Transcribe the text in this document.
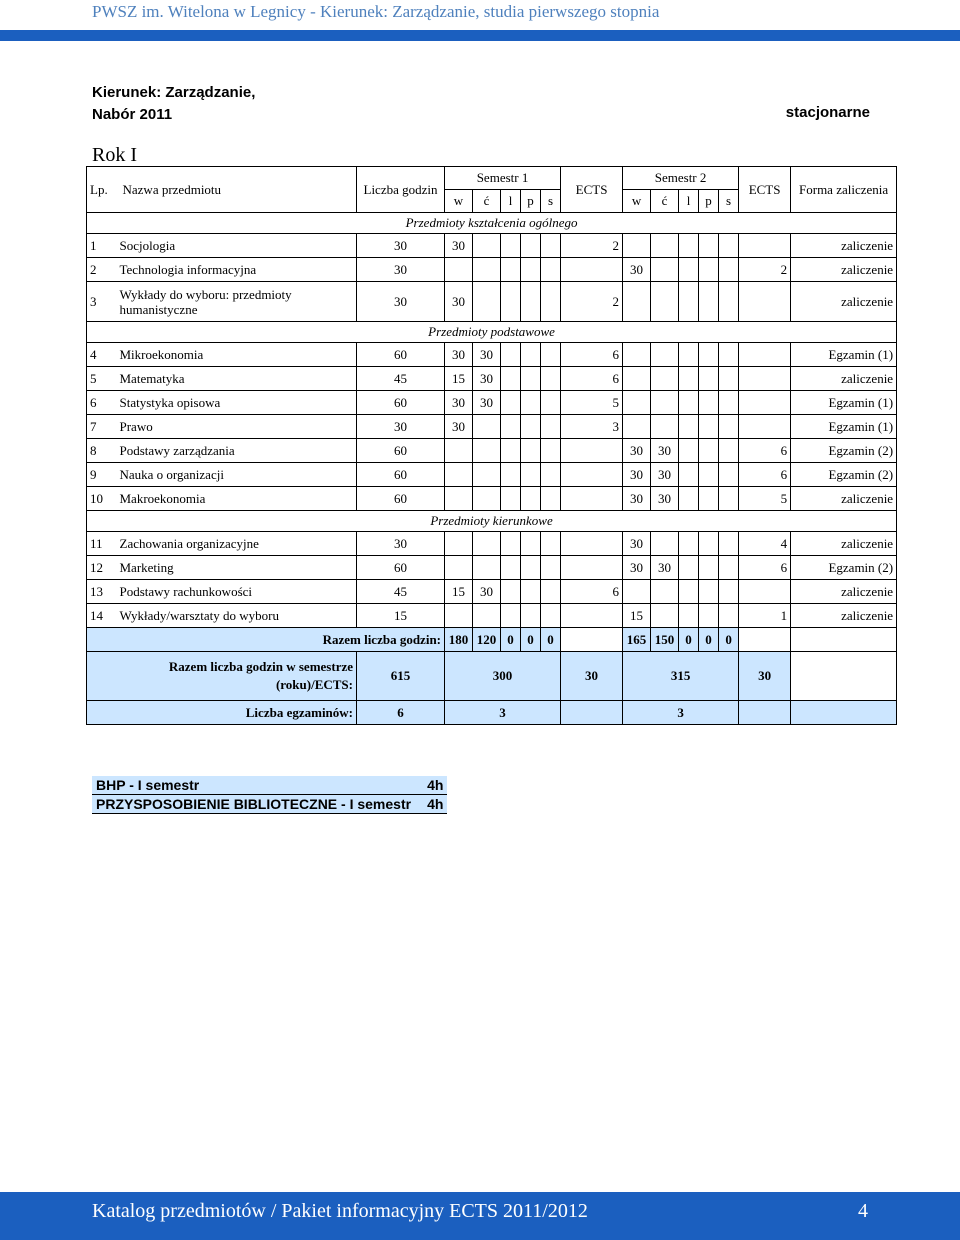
PWSZ im. Witelona w Legnicy - Kierunek: Zarządzanie, studia pierwszego stopnia
Kierunek: Zarządzanie,
Nabór 2011	stacjonarne
Rok I
Lp.	Nazwa przedmiotu	Liczba godzin	Semestr 1					ECTS	Semestr 2					ECTS	Forma zaliczenia
			w	ć	l	p	s		w	ć	l	p	s		
Przedmioty kształcenia ogólnego															
1	Socjologia	30	30					2							zaliczenie
2	Technologia informacyjna	30							30					2	zaliczenie
3	Wykłady do wyboru: przedmioty humanistyczne	30	30					2							zaliczenie
Przedmioty podstawowe															
4	Mikroekonomia	60	30	30				6							Egzamin (1)
5	Matematyka	45	15	30				6							zaliczenie
6	Statystyka opisowa	60	30	30				5							Egzamin (1)
7	Prawo	30	30					3							Egzamin (1)
8	Podstawy zarządzania	60							30	30				6	Egzamin (2)
9	Nauka o organizacji	60							30	30				6	Egzamin (2)
10	Makroekonomia	60							30	30				5	zaliczenie
Przedmioty kierunkowe															
11	Zachowania organizacyjne	30							30					4	zaliczenie
12	Marketing	60							30	30				6	Egzamin (2)
13	Podstawy rachunkowości	45	15	30				6							zaliczenie
14	Wykłady/warsztaty do wyboru	15							15					1	zaliczenie
Razem liczba godzin:			180	120	0	0	0		165	150	0	0	0		

Razem liczba godzin w semestrze
(roku)/ECTS:		615	300					30	315					30	
Liczba egzaminów:		6	3						3						
BHP - I semestr	4h
PRZYSPOSOBIENIE BIBLIOTECZNE - I semestr	4h
Katalog przedmiotów / Pakiet informacyjny ECTS 2011/2012	4
